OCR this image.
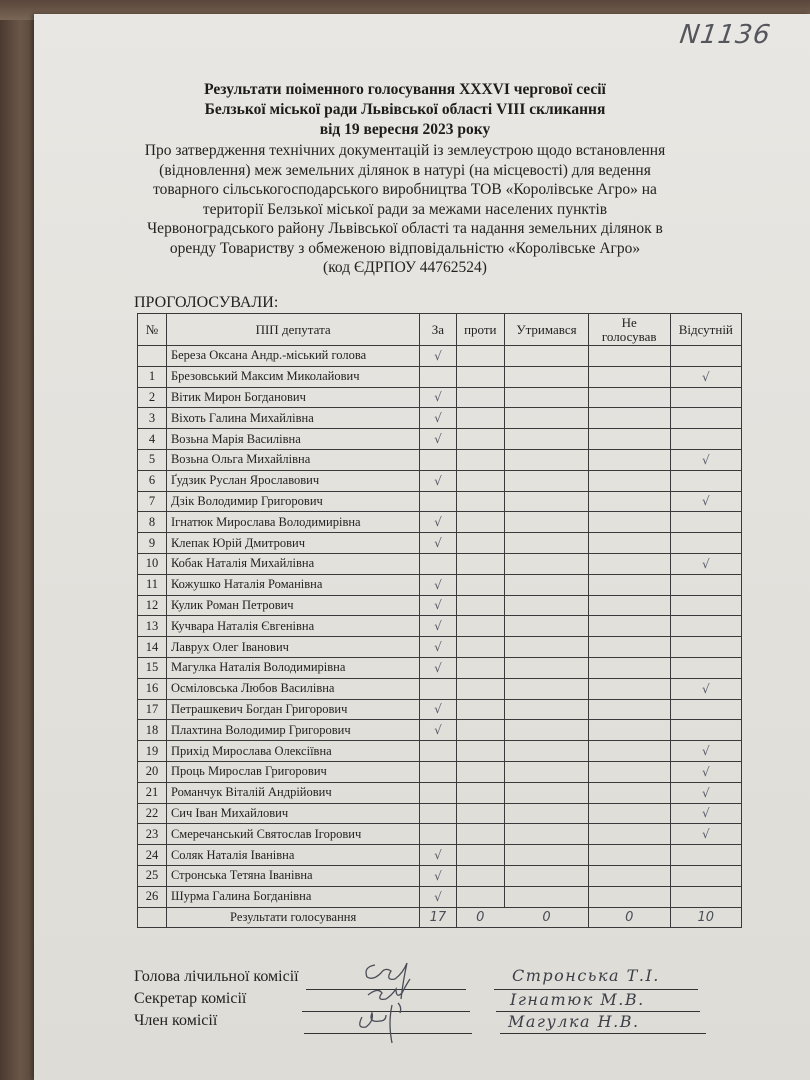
N1136
Результати поіменного голосування XXXVI чергової сесії
Белзької міської ради Львівської області VIII скликання
від 19 вересня 2023 року
Про затвердження технічних документацій із землеустрою щодо встановлення
(відновлення) меж земельних ділянок в натурі (на місцевості) для ведення
товарного сільськогосподарського виробництва ТОВ «Королівське Агро» на
території Белзької міської ради за межами населених пунктів
Червоноградського району Львівської області та надання земельних ділянок в
оренду Товариству з обмеженою відповідальністю «Королівське Агро»
(код ЄДРПОУ 44762524)
ПРОГОЛОСУВАЛИ:
№	ПІП депутата	За	проти	Утримався	Не
голосував	Відсутній
	Береза Оксана Андр.-міський голова	√				
1	Брезовський Максим Миколайович					√
2	Вітик Мирон Богданович	√				
3	Віхоть Галина Михайлівна	√				
4	Возьна Марія Василівна	√				
5	Возьна Ольга Михайлівна					√
6	Ґудзик Руслан Ярославович	√				
7	Дзік Володимир Григорович					√
8	Ігнатюк Мирослава Володимирівна	√				
9	Клепак Юрій Дмитрович	√				
10	Кобак Наталія Михайлівна					√
11	Кожушко Наталія Романівна	√				
12	Кулик Роман Петрович	√				
13	Кучвара Наталія Євгенівна	√				
14	Лаврух Олег Іванович	√				
15	Магулка Наталія Володимирівна	√				
16	Осміловська Любов Василівна					√
17	Петрашкевич Богдан Григорович	√				
18	Плахтина Володимир Григорович	√				
19	Прихід Мирослава Олексіївна					√
20	Проць Мирослав Григорович					√
21	Романчук Віталій Андрійович					√
22	Сич Іван Михайлович					√
23	Смеречанський Святослав Ігорович					√
24	Соляк Наталія Іванівна	√				
25	Стронська Тетяна Іванівна	√				
26	Шурма Галина Богданівна	√				
	Результати голосування	17	0	0	0	10
Голова лічильної комісії
Секретар комісії
Член комісії
Стронська Т.І.
Ігнатюк М.В.
Магулка Н.В.
